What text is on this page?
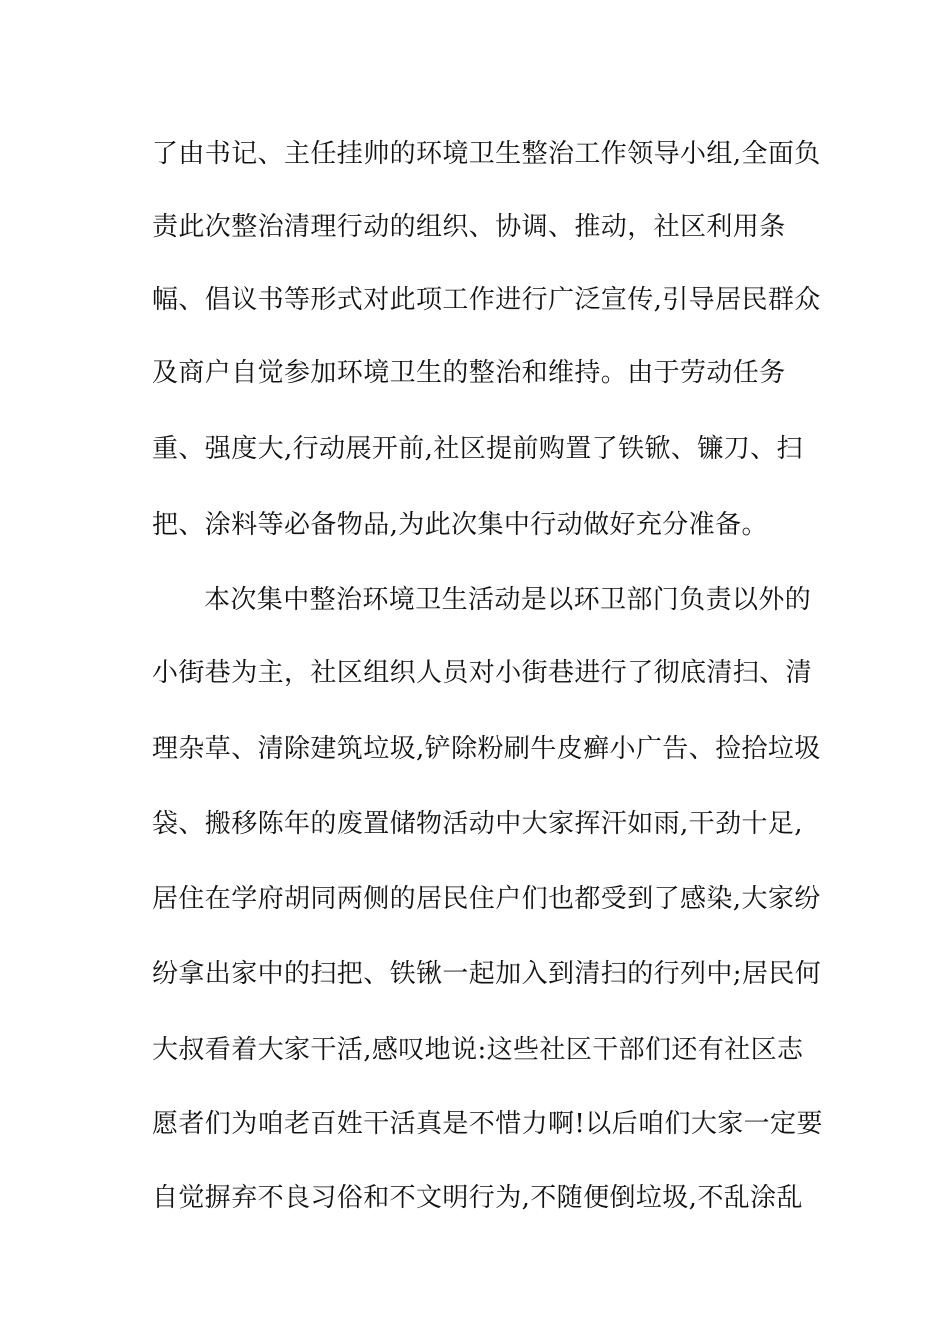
了由书记、主任挂帅的环境卫生整治工作领导小组,全面负
责此次整治清理行动的组织、协调、推动，社区利用条
幅、倡议书等形式对此项工作进行广泛宣传,引导居民群众
及商户自觉参加环境卫生的整治和维持。由于劳动任务
重、强度大,行动展开前,社区提前购置了铁锨、镰刀、扫
把、涂料等必备物品,为此次集中行动做好充分准备。
本次集中整治环境卫生活动是以环卫部门负责以外的
小街巷为主，社区组织人员对小街巷进行了彻底清扫、清
理杂草、清除建筑垃圾,铲除粉刷牛皮癣小广告、捡拾垃圾
袋、搬移陈年的废置储物活动中大家挥汗如雨,干劲十足,
居住在学府胡同两侧的居民住户们也都受到了感染,大家纷
纷拿出家中的扫把、铁锹一起加入到清扫的行列中;居民何
大叔看着大家干活,感叹地说:这些社区干部们还有社区志
愿者们为咱老百姓干活真是不惜力啊!以后咱们大家一定要
自觉摒弃不良习俗和不文明行为,不随便倒垃圾,不乱涂乱
